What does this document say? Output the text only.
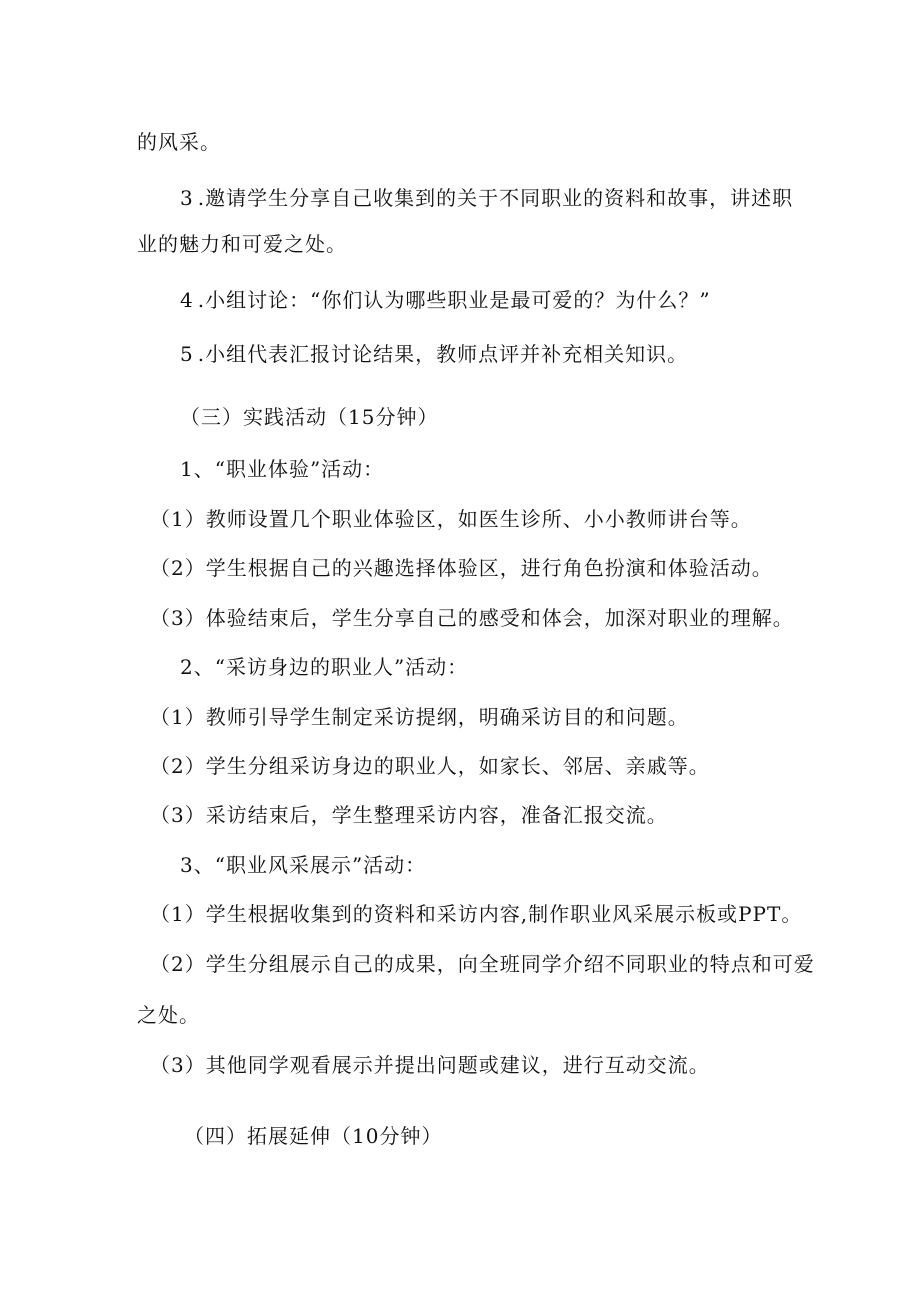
的风采。
3 .邀请学生分享自己收集到的关于不同职业的资料和故事，讲述职
业的魅力和可爱之处。
4 .小组讨论：“你们认为哪些职业是最可爱的？为什么？”
5 .小组代表汇报讨论结果，教师点评并补充相关知识。
（三）实践活动（15分钟）
1、“职业体验”活动：
（1）教师设置几个职业体验区，如医生诊所、小小教师讲台等。
（2）学生根据自己的兴趣选择体验区，进行角色扮演和体验活动。
（3）体验结束后，学生分享自己的感受和体会，加深对职业的理解。
2、“采访身边的职业人”活动：
（1）教师引导学生制定采访提纲，明确采访目的和问题。
（2）学生分组采访身边的职业人，如家长、邻居、亲戚等。
（3）采访结束后，学生整理采访内容，准备汇报交流。
3、“职业风采展示”活动：
（1）学生根据收集到的资料和采访内容,制作职业风采展示板或PPT。
（2）学生分组展示自己的成果，向全班同学介绍不同职业的特点和可爱
之处。
（3）其他同学观看展示并提出问题或建议，进行互动交流。
（四）拓展延伸（10分钟）
